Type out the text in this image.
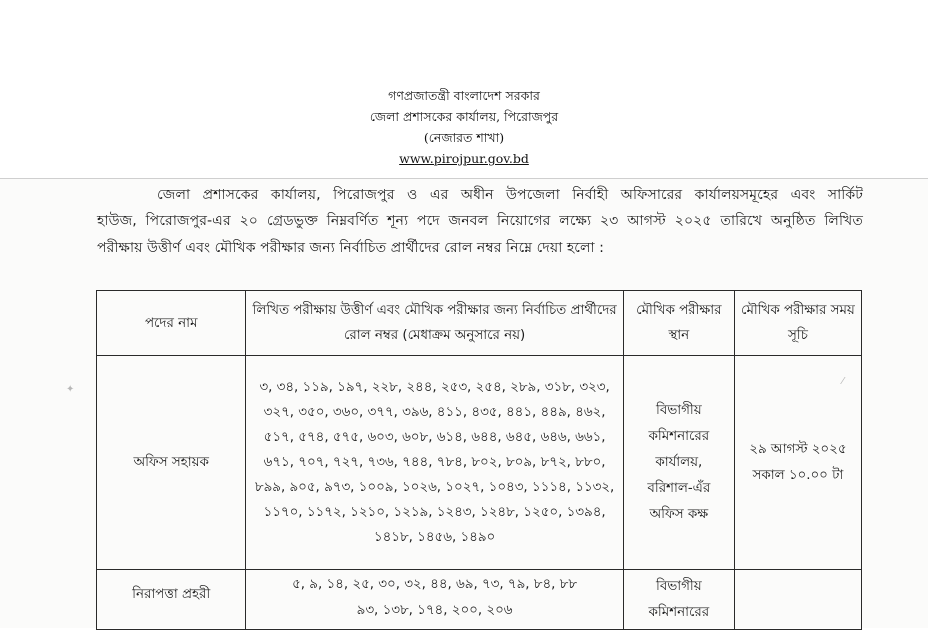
গণপ্রজাতন্ত্রী বাংলাদেশ সরকার
জেলা প্রশাসকের কার্যালয়, পিরোজপুর
(নেজারত শাখা)
www.pirojpur.gov.bd
জেলা প্রশাসকের কার্যালয়, পিরোজপুর ও এর অধীন উপজেলা নির্বাহী অফিসারের কার্যালয়সমূহের এবং সার্কিট
হাউজ, পিরোজপুর-এর ২০ গ্রেডভুক্ত নিম্নবর্ণিত শূন্য পদে জনবল নিয়োগের লক্ষ্যে ২৩ আগস্ট ২০২৫ তারিখে অনুষ্ঠিত লিখিত
পরীক্ষায় উত্তীর্ণ এবং মৌখিক পরীক্ষার জন্য নির্বাচিত প্রার্থীদের রোল নম্বর নিম্নে দেয়া হলো :
পদের নাম	লিখিত পরীক্ষায় উত্তীর্ণ এবং মৌখিক পরীক্ষার জন্য নির্বাচিত প্রার্থীদের রোল নম্বর (মেধাক্রম অনুসারে নয়)	মৌখিক পরীক্ষার স্থান	মৌখিক পরীক্ষার সময় সূচি
অফিস সহায়ক	৩, ৩৪, ১১৯, ১৯৭, ২২৮, ২৪৪, ২৫৩, ২৫৪, ২৮৯, ৩১৮, ৩২৩, ৩২৭, ৩৫০, ৩৬০, ৩৭৭, ৩৯৬, ৪১১, ৪৩৫, ৪৪১, ৪৪৯, ৪৬২, ৫১৭, ৫৭৪, ৫৭৫, ৬০৩, ৬০৮, ৬১৪, ৬৪৪, ৬৪৫, ৬৪৬, ৬৬১, ৬৭১, ৭০৭, ৭২৭, ৭৩৬, ৭৪৪, ৭৮৪, ৮০২, ৮০৯, ৮৭২, ৮৮০, ৮৯৯, ৯০৫, ৯৭৩, ১০০৯, ১০২৬, ১০২৭, ১০৪৩, ১১১৪, ১১৩২, ১১৭০, ১১৭২, ১২১০, ১২১৯, ১২৪৩, ১২৪৮, ১২৫০, ১৩৯৪, ১৪১৮, ১৪৫৬, ১৪৯০	বিভাগীয় কমিশনারের কার্যালয়, বরিশাল-এঁর অফিস কক্ষ	২৯ আগস্ট ২০২৫ সকাল ১০.০০ টা
নিরাপত্তা প্রহরী	৫, ৯, ১৪, ২৫, ৩০, ৩২, ৪৪, ৬৯, ৭৩, ৭৯, ৮৪, ৮৮ ৯৩, ১৩৮, ১৭৪, ২০০, ২০৬	বিভাগীয় কমিশনারের	
✦
⁄
